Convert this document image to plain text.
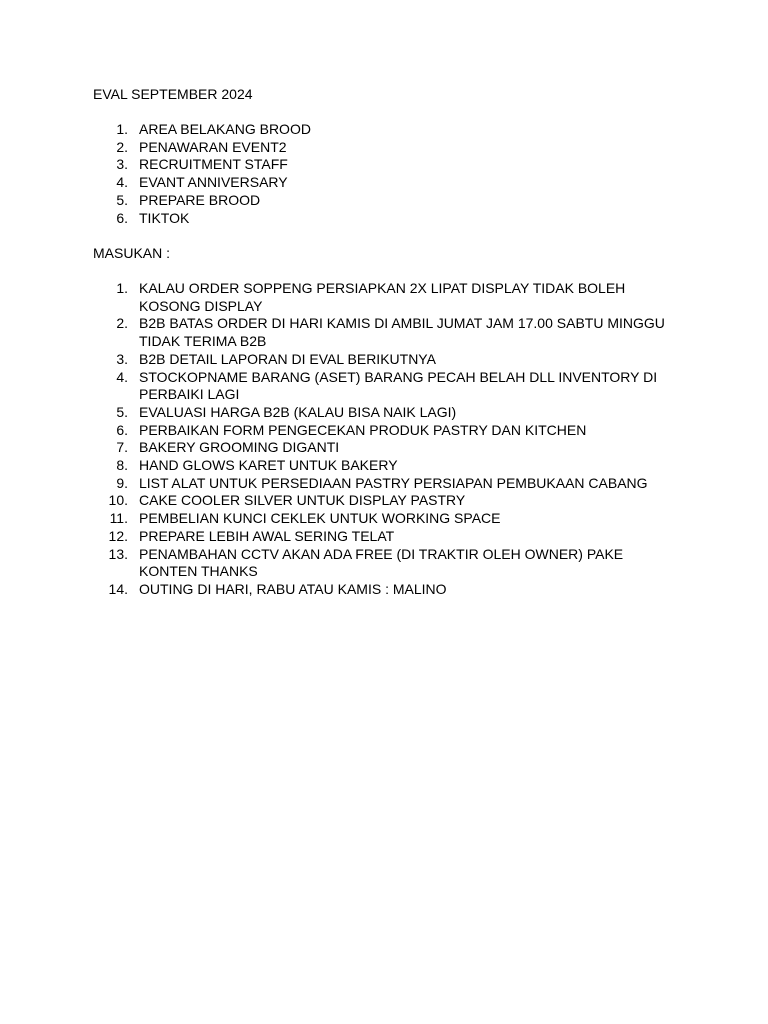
EVAL SEPTEMBER 2024
1. AREA BELAKANG BROOD
2. PENAWARAN EVENT2
3. RECRUITMENT STAFF
4. EVANT ANNIVERSARY
5. PREPARE BROOD
6. TIKTOK
MASUKAN :
1. KALAU ORDER SOPPENG PERSIAPKAN 2X LIPAT DISPLAY TIDAK BOLEH KOSONG DISPLAY
2. B2B BATAS ORDER DI HARI KAMIS DI AMBIL JUMAT JAM 17.00 SABTU MINGGU TIDAK TERIMA B2B
3. B2B DETAIL LAPORAN DI EVAL BERIKUTNYA
4. STOCKOPNAME BARANG (ASET) BARANG PECAH BELAH DLL INVENTORY DI PERBAIKI LAGI
5. EVALUASI HARGA B2B (KALAU BISA NAIK LAGI)
6. PERBAIKAN FORM PENGECEKAN PRODUK PASTRY DAN KITCHEN
7. BAKERY GROOMING DIGANTI
8. HAND GLOWS KARET UNTUK BAKERY
9. LIST ALAT UNTUK PERSEDIAAN PASTRY PERSIAPAN PEMBUKAAN CABANG
10. CAKE COOLER SILVER UNTUK DISPLAY PASTRY
11. PEMBELIAN KUNCI CEKLEK UNTUK WORKING SPACE
12. PREPARE LEBIH AWAL SERING TELAT
13. PENAMBAHAN CCTV AKAN ADA FREE (DI TRAKTIR OLEH OWNER) PAKE KONTEN THANKS
14. OUTING DI HARI, RABU ATAU KAMIS : MALINO
